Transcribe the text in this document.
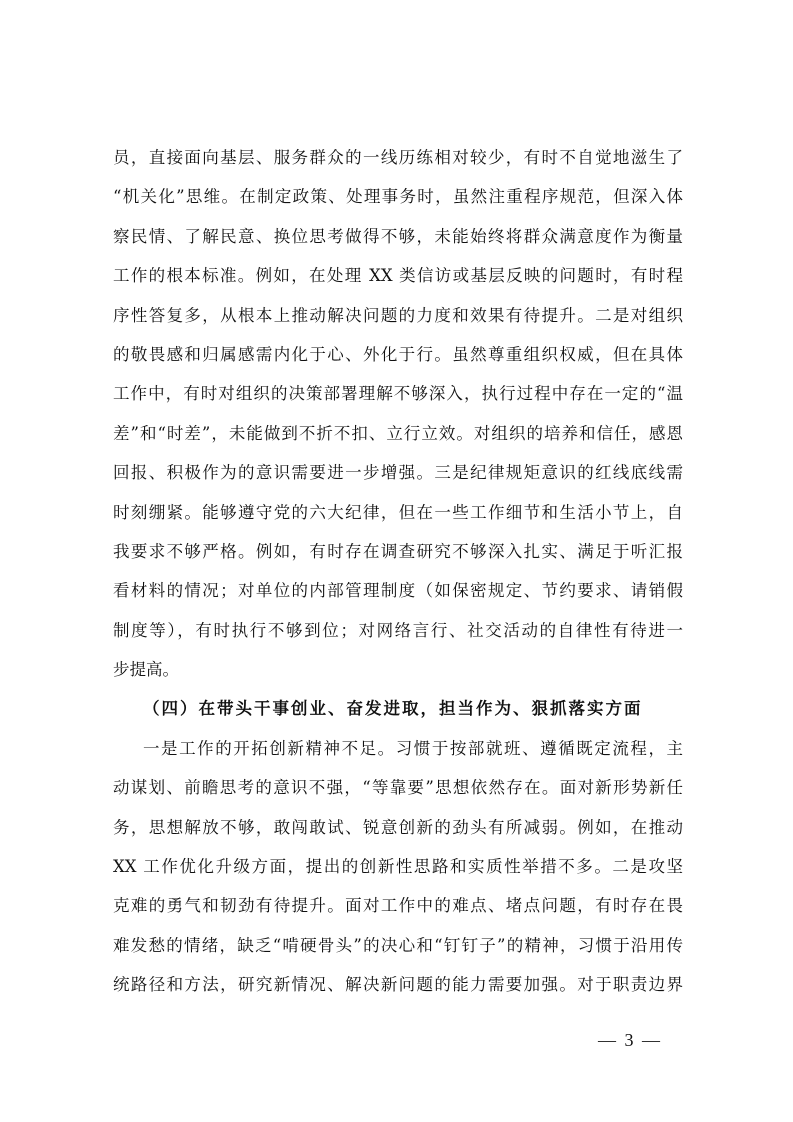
员，直接面向基层、服务群众的一线历练相对较少，有时不自觉地滋生了
“机关化”思维。在制定政策、处理事务时，虽然注重程序规范，但深入体
察民情、了解民意、换位思考做得不够，未能始终将群众满意度作为衡量
工作的根本标准。例如，在处理 XX 类信访或基层反映的问题时，有时程
序性答复多，从根本上推动解决问题的力度和效果有待提升。二是对组织
的敬畏感和归属感需内化于心、外化于行。虽然尊重组织权威，但在具体
工作中，有时对组织的决策部署理解不够深入，执行过程中存在一定的“温
差”和“时差”，未能做到不折不扣、立行立效。对组织的培养和信任，感恩
回报、积极作为的意识需要进一步增强。三是纪律规矩意识的红线底线需
时刻绷紧。能够遵守党的六大纪律，但在一些工作细节和生活小节上，自
我要求不够严格。例如，有时存在调查研究不够深入扎实、满足于听汇报
看材料的情况；对单位的内部管理制度（如保密规定、节约要求、请销假
制度等），有时执行不够到位；对网络言行、社交活动的自律性有待进一
步提高。
（四）在带头干事创业、奋发进取，担当作为、狠抓落实方面
一是工作的开拓创新精神不足。习惯于按部就班、遵循既定流程，主
动谋划、前瞻思考的意识不强，“等靠要”思想依然存在。面对新形势新任
务，思想解放不够，敢闯敢试、锐意创新的劲头有所减弱。例如，在推动
XX 工作优化升级方面，提出的创新性思路和实质性举措不多。二是攻坚
克难的勇气和韧劲有待提升。面对工作中的难点、堵点问题，有时存在畏
难发愁的情绪，缺乏“啃硬骨头”的决心和“钉钉子”的精神，习惯于沿用传
统路径和方法，研究新情况、解决新问题的能力需要加强。对于职责边界
— 3 —
